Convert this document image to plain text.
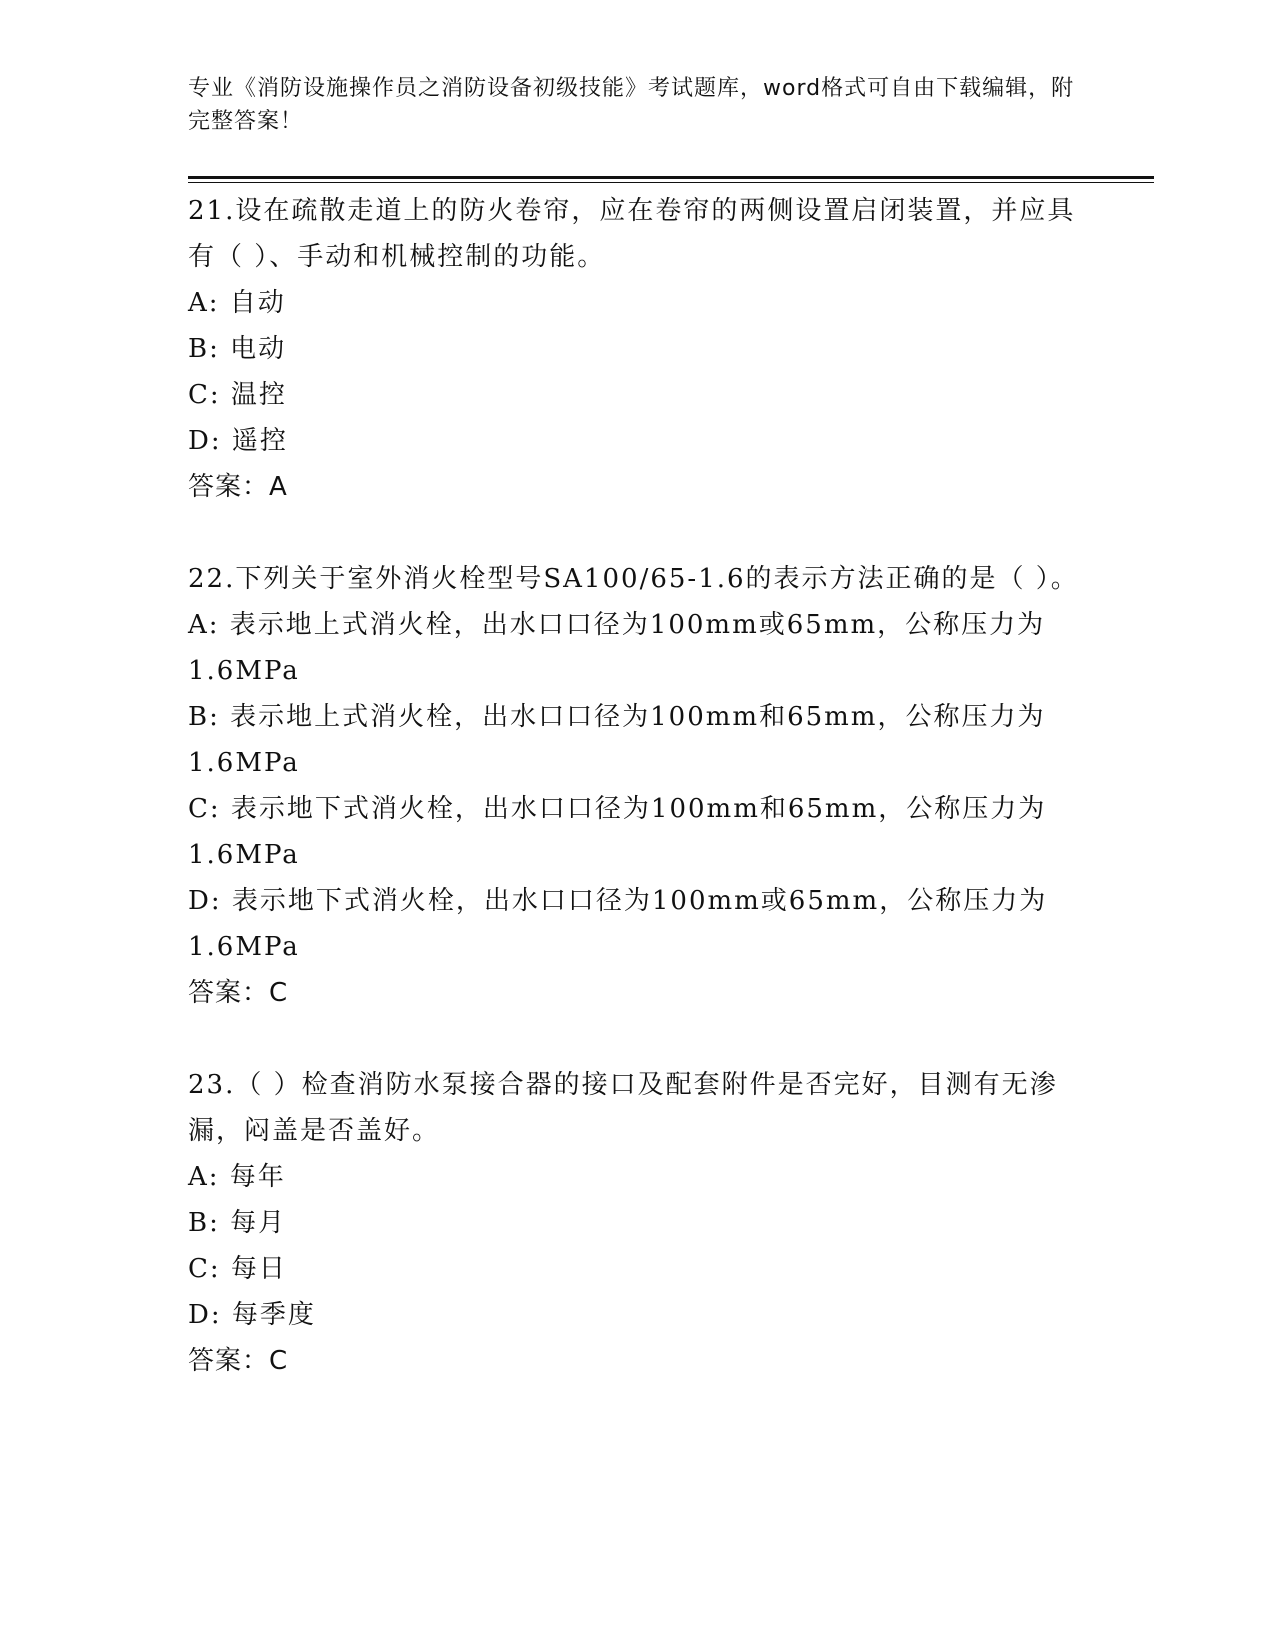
专业《消防设施操作员之消防设备初级技能》考试题库，word格式可自由下载编辑，附完整答案！
21.设在疏散走道上的防火卷帘，应在卷帘的两侧设置启闭装置，并应具有（ ）、手动和机械控制的功能。
A: 自动
B: 电动
C: 温控
D: 遥控
答案：A
22.下列关于室外消火栓型号SA100/65-1.6的表示方法正确的是（ ）。
A: 表示地上式消火栓，出水口口径为100mm或65mm，公称压力为1.6MPa
B: 表示地上式消火栓，出水口口径为100mm和65mm，公称压力为1.6MPa
C: 表示地下式消火栓，出水口口径为100mm和65mm，公称压力为1.6MPa
D: 表示地下式消火栓，出水口口径为100mm或65mm，公称压力为1.6MPa
答案：C
23.（ ）检查消防水泵接合器的接口及配套附件是否完好，目测有无渗漏，闷盖是否盖好。
A: 每年
B: 每月
C: 每日
D: 每季度
答案：C
